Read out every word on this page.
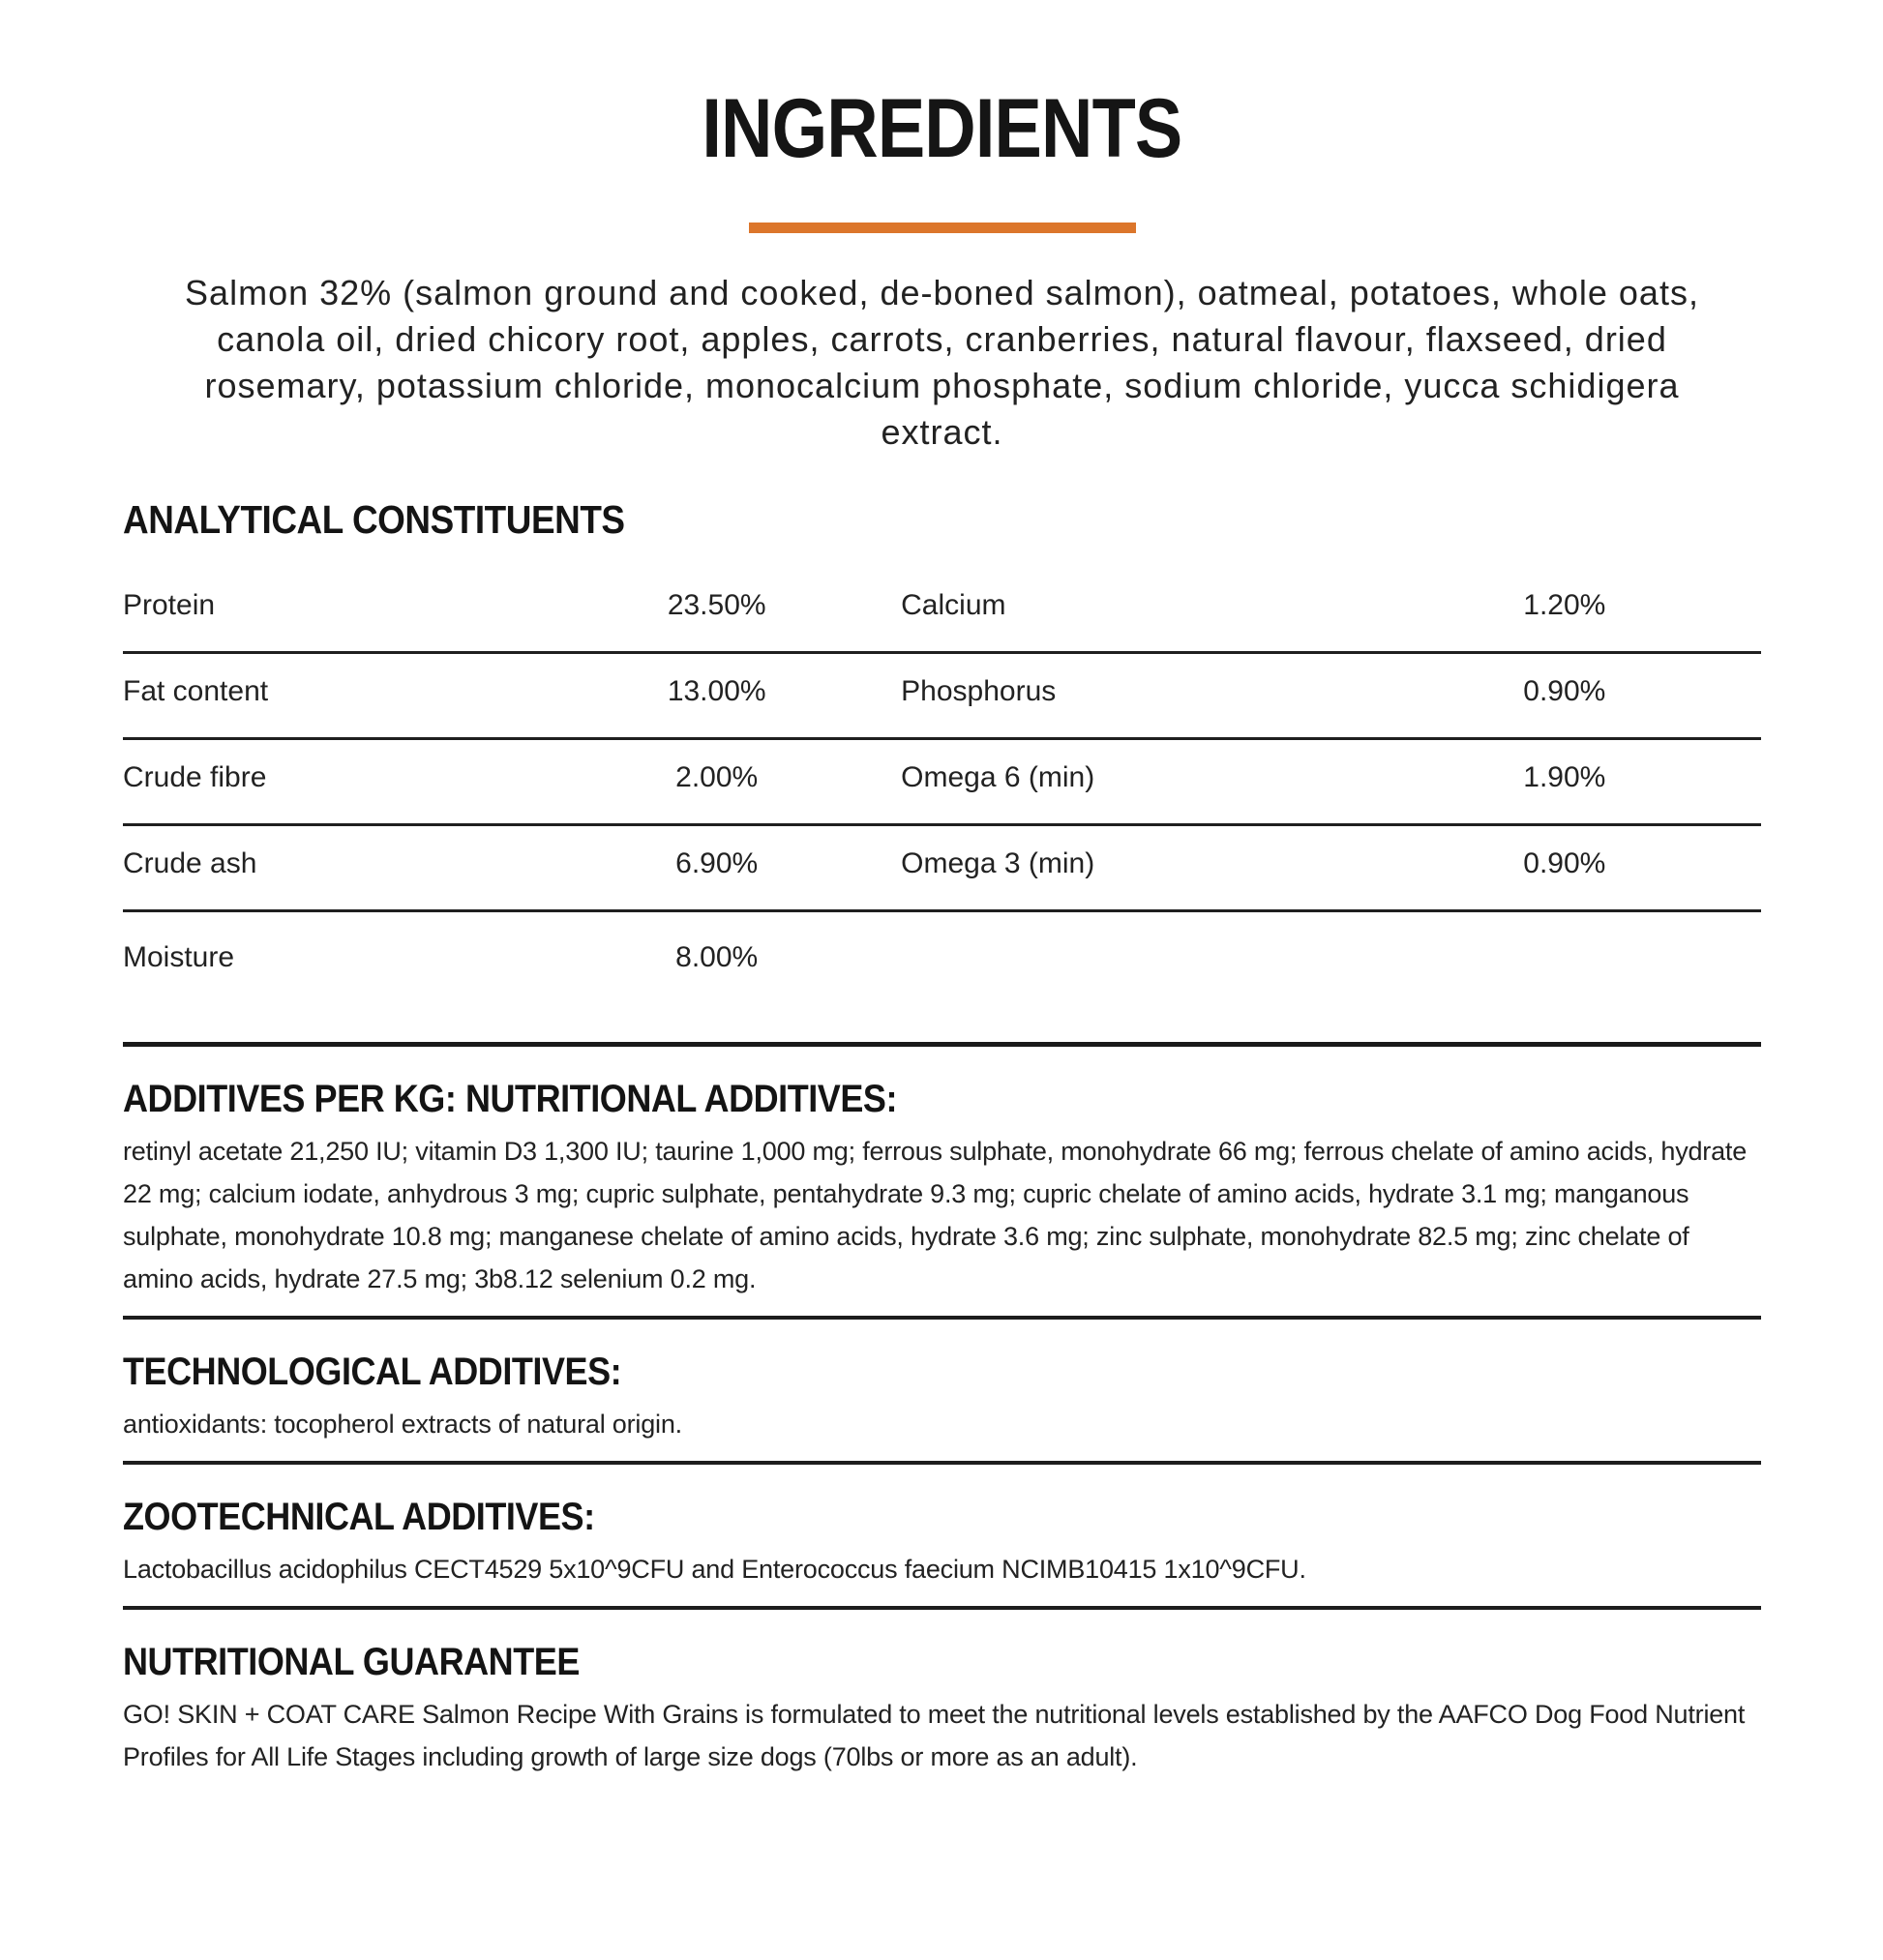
INGREDIENTS

Salmon 32% (salmon ground and cooked, de-boned salmon), oatmeal, potatoes, whole oats, canola oil, dried chicory root, apples, carrots, cranberries, natural flavour, flaxseed, dried rosemary, potassium chloride, monocalcium phosphate, sodium chloride, yucca schidigera extract.

ANALYTICAL CONSTITUENTS
Protein	23.50%	Calcium	1.20%
Fat content	13.00%	Phosphorus	0.90%
Crude fibre	2.00%	Omega 6 (min)	1.90%
Crude ash	6.90%	Omega 3 (min)	0.90%
Moisture	8.00%
ADDITIVES PER KG: NUTRITIONAL ADDITIVES:

retinyl acetate 21,250 IU; vitamin D3 1,300 IU; taurine 1,000 mg; ferrous sulphate, monohydrate 66 mg; ferrous chelate of amino acids, hydrate 22 mg; calcium iodate, anhydrous 3 mg; cupric sulphate, pentahydrate 9.3 mg; cupric chelate of amino acids, hydrate 3.1 mg; manganous sulphate, monohydrate 10.8 mg; manganese chelate of amino acids, hydrate 3.6 mg; zinc sulphate, monohydrate 82.5 mg; zinc chelate of amino acids, hydrate 27.5 mg; 3b8.12 selenium 0.2 mg.

TECHNOLOGICAL ADDITIVES:

antioxidants: tocopherol extracts of natural origin.

ZOOTECHNICAL ADDITIVES:

Lactobacillus acidophilus CECT4529 5x10^9CFU and Enterococcus faecium NCIMB10415 1x10^9CFU.

NUTRITIONAL GUARANTEE

GO! SKIN + COAT CARE Salmon Recipe With Grains is formulated to meet the nutritional levels established by the AAFCO Dog Food Nutrient Profiles for All Life Stages including growth of large size dogs (70lbs or more as an adult).
